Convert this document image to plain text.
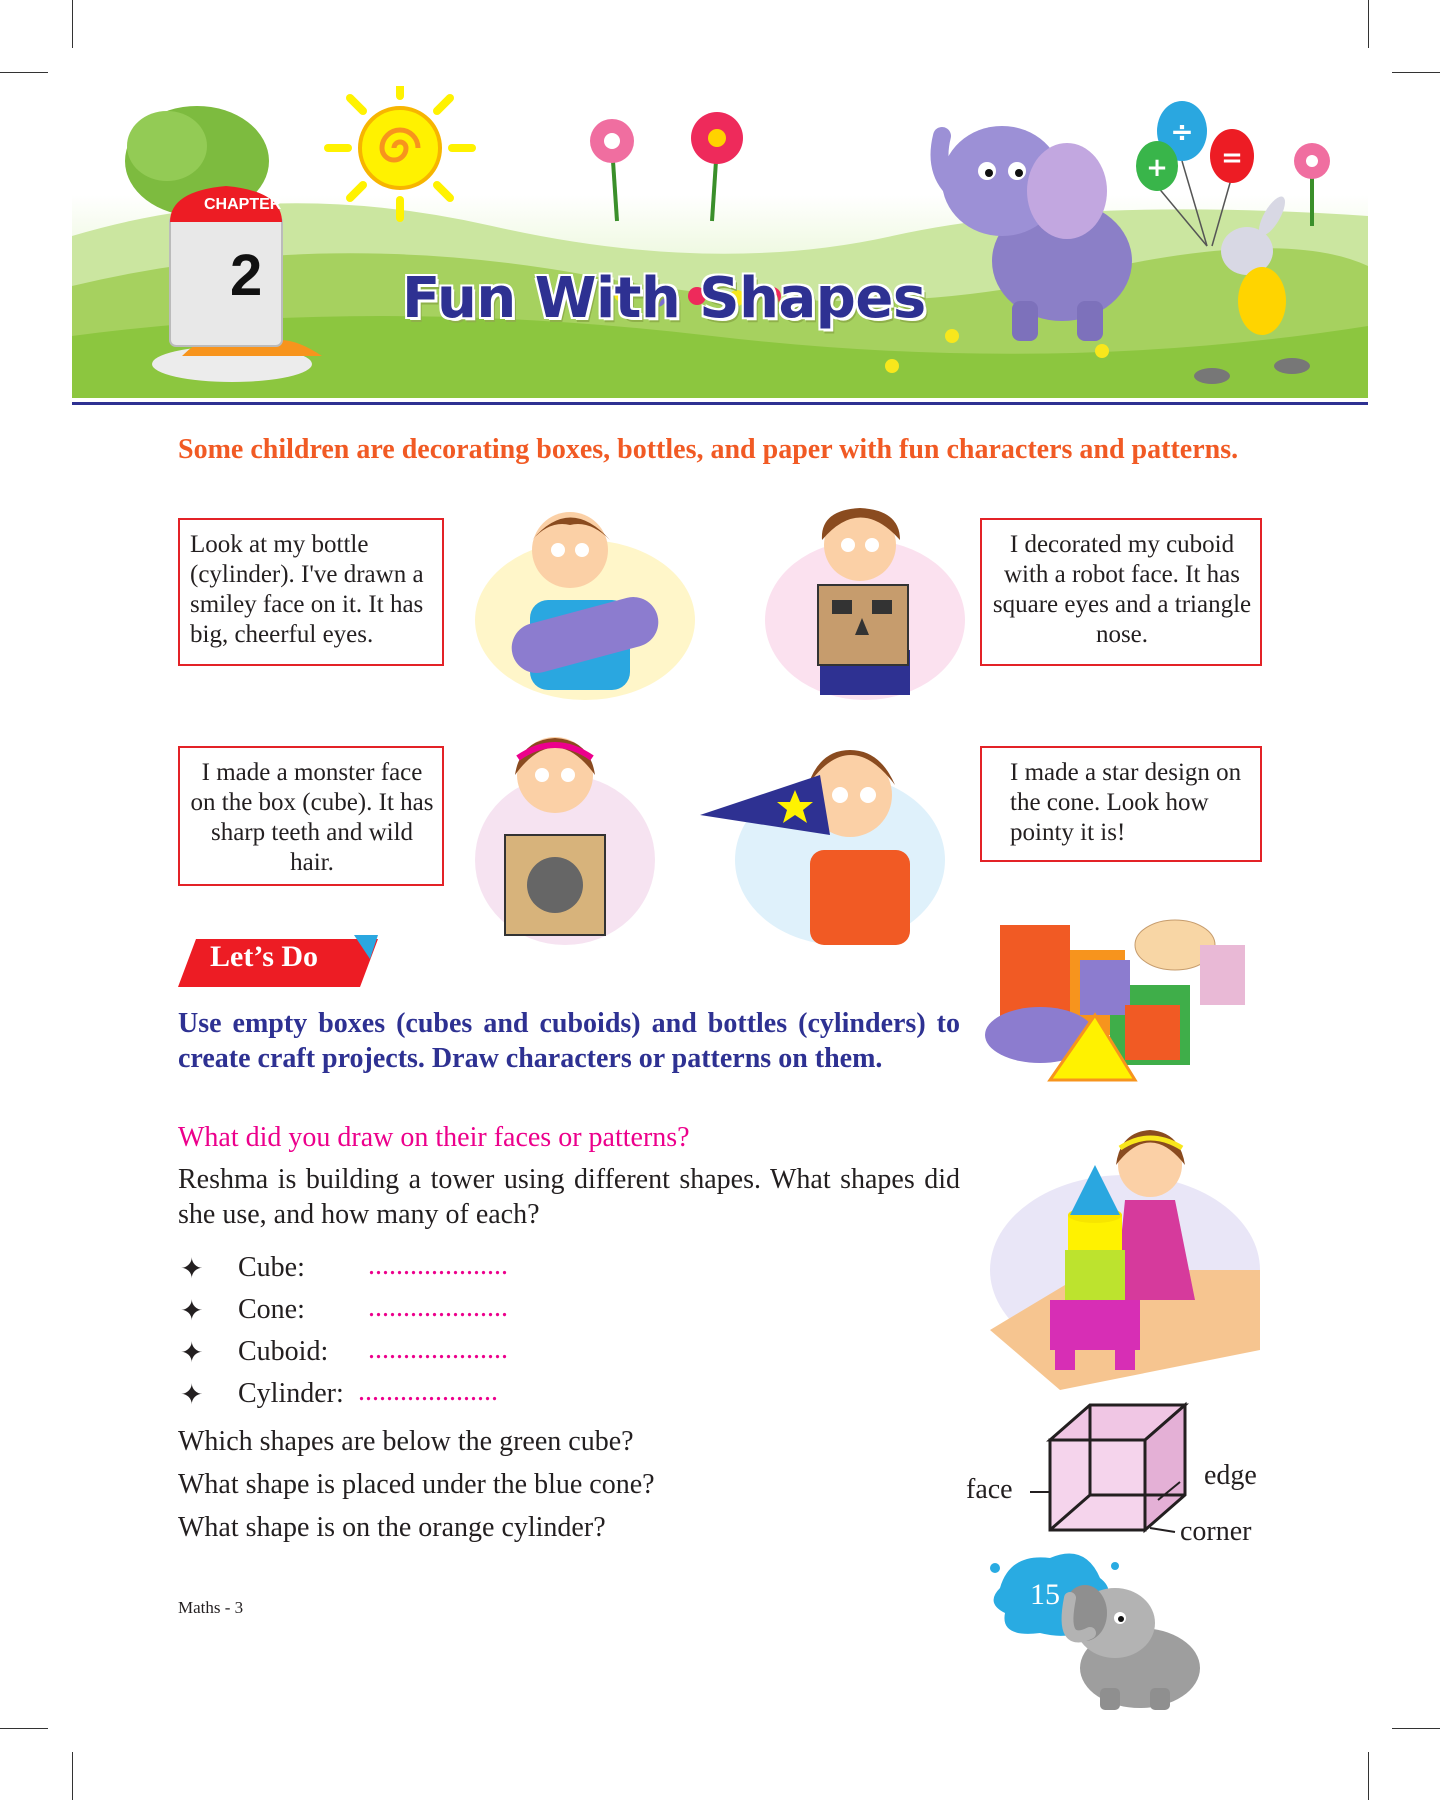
÷
+ =
CHAPTER
2 Fun With Shapes
Some children are decorating boxes, bottles, and paper with fun characters and patterns.
Look at my bottle (cylinder). I've drawn a smiley face on it. It has big, cheerful eyes.
I decorated my cuboid with a robot face. It has square eyes and a triangle nose.
I made a monster face on the box (cube). It has sharp teeth and wild hair.
I made a star design on the cone. Look how pointy it is!
Let’s Do
Use empty boxes (cubes and cuboids) and bottles (cylinders) to create craft projects. Draw characters or patterns on them.
What did you draw on their faces or patterns?
Reshma is building a tower using different shapes. What shapes did she use, and how many of each?
✦ Cube: ....................
✦ Cone: ....................
✦ Cuboid: ....................
✦ Cylinder: ....................
Which shapes are below the green cube?
What shape is placed under the blue cone?
What shape is on the orange cylinder?
face	edge
corner
Maths - 3	15
